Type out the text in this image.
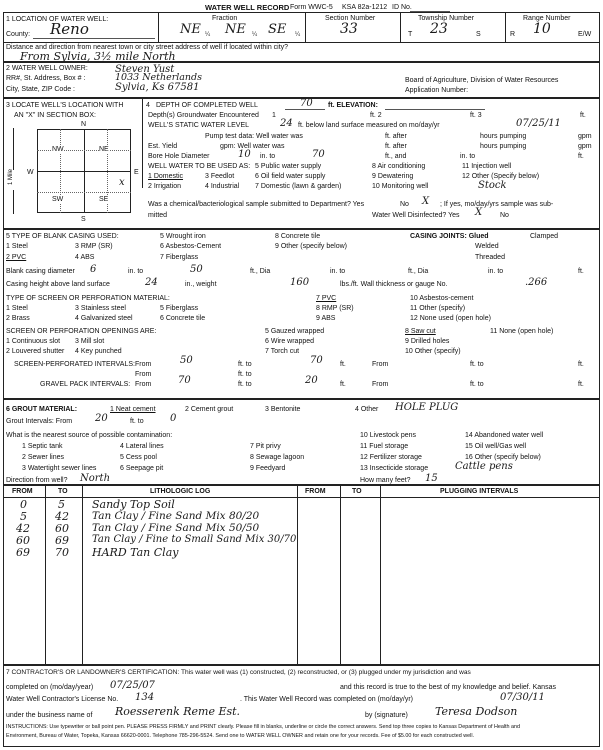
WATER WELL RECORD Form WWC-5 KSA 82a-1212 ID No.
1 LOCATION OF WATER WELL:
County: Reno
Fraction
NE ¼ NE ¼ SE ¼
Section Number
33
Township Number
T 23	S
Range Number
R 10	E/W
Distance and direction from nearest town or city street address of well if located within city?
From Sylvia, 3½ mile North
2 WATER WELL OWNER:	Steven Yust
RR#, St. Address, Box # :	1033 Netherlands
City, State, ZIP Code :	Sylvia, Ks 67581
Board of Agriculture, Division of Water Resources
Application Number:
3 LOCATE WELL'S LOCATION WITH	4
AN "X" IN SECTION BOX:
N
S
W	E
NW	NE
SW	SE
x
1 Mile
DEPTH OF COMPLETED WELL	70 ft. ELEVATION:
Depth(s) Groundwater Encountered 1	ft. 2	ft. 3	ft.
WELL'S STATIC WATER LEVEL	24 ft. below land surface measured on mo/day/yr	07/25/11
Pump test data: Well water was	ft. after	hours pumping	gpm
Est. Yield	gpm: Well water was	ft. after	hours pumping	gpm
Bore Hole Diameter	10 in. to	70	ft., and	in. to	ft.
WELL WATER TO BE USED AS:
1 Domestic
2 Irrigation
3 Feedlot
4 Industrial
5 Public water supply
6 Oil field water supply
7 Domestic (lawn & garden)
8 Air conditioning
9 Dewatering
10 Monitoring well
11 Injection well
12 Other (Specify below)
Stock
Was a chemical/bacteriological sample submitted to Department? Yes	No X ; If yes, mo/day/yrs sample was sub-
mitted	Water Well Disinfected? Yes	No
X
5 TYPE OF BLANK CASING USED:
1 Steel
2 PVC
3 RMP (SR)
4 ABS
5 Wrought iron
6 Asbestos-Cement
7 Fiberglass
8 Concrete tile
9 Other (specify below)
CASING JOINTS: Glued	Clamped
Welded
Threaded
Blank casing diameter 6	in. to	50	ft., Dia	in. to	ft., Dia	in. to	ft.
Casing height above land surface	24	in., weight	160	lbs./ft. Wall thickness or gauge No.	.266
TYPE OF SCREEN OR PERFORATION MATERIAL:
1 Steel
2 Brass
3 Stainless steel
4 Galvanized steel
5 Fiberglass
6 Concrete tile
7 PVC
8 RMP (SR)
9 ABS
10 Asbestos-cement
11 Other (specify)
12 None used (open hole)
SCREEN OR PERFORATION OPENINGS ARE:
1 Continuous slot
2 Louvered shutter
3 Mill slot
4 Key punched
5 Gauzed wrapped
6 Wire wrapped
7 Torch cut
8 Saw cut
9 Drilled holes
10 Other (specify)
11 None (open hole)
SCREEN-PERFORATED INTERVALS: From	50	ft. to	70 ft.	From	ft. to	ft.
From	ft. to
GRAVEL PACK INTERVALS: From	70	ft. to	20	ft.	From	ft. to	ft.
6 GROUT MATERIAL:	1 Neat cement	2 Cement grout	3 Bentonite	4 Other HOLE PLUG
Grout Intervals: From 20	ft. to	0
What is the nearest source of possible contamination:
1 Septic tank
2 Sewer lines
3 Watertight sewer lines
4 Lateral lines
5 Cess pool
6 Seepage pit
7 Pit privy
8 Sewage lagoon
9 Feedyard
10 Livestock pens
11 Fuel storage
12 Fertilizer storage
13 Insecticide storage
14 Abandoned water well
15 Oil well/Gas well
16 Other (specify below)
Cattle pens
Direction from well? North	How many feet? 15
FROM	TO	LITHOLOGIC LOG	FROM	TO	PLUGGING INTERVALS
0	5 Sandy Top Soil
5	42 Tan Clay / Fine Sand Mix 80/20
42 60 Tan Clay / Fine Sand Mix 50/50
60 69 Tan Clay / Fine to Small Sand Mix 30/70
69 70 HARD Tan Clay
7 CONTRACTOR'S OR LANDOWNER'S CERTIFICATION: This water well was (1) constructed, (2) reconstructed, or (3) plugged under my jurisdiction and was
completed on (mo/day/year) 07/25/07	and this record is true to the best of my knowledge and belief. Kansas
Water Well Contractor's License No. 134	. This Water Well Record was completed on (mo/day/yr)	07/30/11
under the business name of Roesserenk Reme Est.	by (signature) Teresa Dodson
INSTRUCTIONS: Use typewriter or ball point pen. PLEASE PRESS FIRMLY and PRINT clearly. Please fill in blanks, underline or circle the correct answers. Send top three copies to Kansas Department of Health and
Environment, Bureau of Water, Topeka, Kansas 66620-0001. Telephone 785-296-5524. Send one to WATER WELL OWNER and retain one for your records. Fee of $5.00 for each constructed well.
